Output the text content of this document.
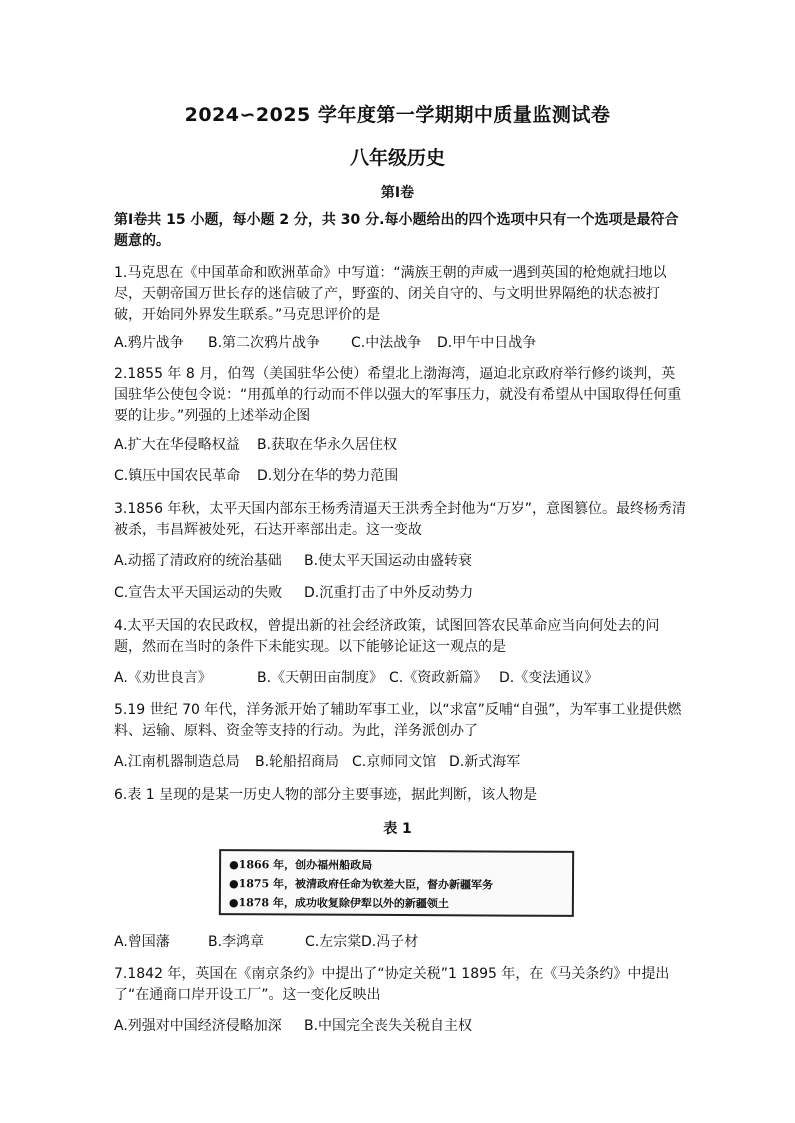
2024∽2025 学年度第一学期期中质量监测试卷
八年级历史
第Ⅰ卷
第Ⅰ卷共 15 小题，每小题 2 分，共 30 分.每小题给出的四个选项中只有一个选项是最符合题意的。
1.马克思在《中国革命和欧洲革命》中写道：“满族王朝的声威一遇到英国的枪炮就扫地以尽，天朝帝国万世长存的迷信破了产，野蛮的、闭关自守的、与文明世界隔绝的状态被打破，开始同外界发生联系。”马克思评价的是
A.鸦片战争 B.第二次鸦片战争 C.中法战争 D.甲午中日战争
2.1855 年 8 月，伯驾（美国驻华公使）希望北上渤海湾，逼迫北京政府举行修约谈判，英国驻华公使包令说：“用孤单的行动而不伴以强大的军事压力，就没有希望从中国取得任何重要的让步。”列强的上述举动企图
A.扩大在华侵略权益 B.获取在华永久居住权
C.镇压中国农民革命 D.划分在华的势力范围
3.1856 年秋，太平天国内部东王杨秀清逼天王洪秀全封他为“万岁”，意图篡位。最终杨秀清被杀，韦昌辉被处死，石达开率部出走。这一变故
A.动摇了清政府的统治基础 B.使太平天国运动由盛转衰
C.宣告太平天国运动的失败 D.沉重打击了中外反动势力
4.太平天国的农民政权，曾提出新的社会经济政策，试图回答农民革命应当向何处去的问题，然而在当时的条件下未能实现。以下能够论证这一观点的是
A.《劝世良言》	B.《天朝田亩制度》 C.《资政新篇》 D.《变法通议》
5.19 世纪 70 年代，洋务派开始了辅助军事工业，以“求富”反哺“自强”，为军事工业提供燃料、运输、原料、资金等支持的行动。为此，洋务派创办了
A.江南机器制造总局 B.轮船招商局 C.京师同文馆 D.新式海军
6.表 1 呈现的是某一历史人物的部分主要事迹，据此判断，该人物是
表 1
●1866 年，创办福州船政局
●1875 年，被清政府任命为钦差大臣，督办新疆军务
●1878 年，成功收复除伊犁以外的新疆领土
A.曾国藩	B.李鸿章	C.左宗棠D.冯子材
7.1842 年，英国在《南京条约》中提出了“协定关税”1 1895 年，在《马关条约》中提出了“在通商口岸开设工厂”。这一变化反映出
A.列强对中国经济侵略加深 B.中国完全丧失关税自主权
